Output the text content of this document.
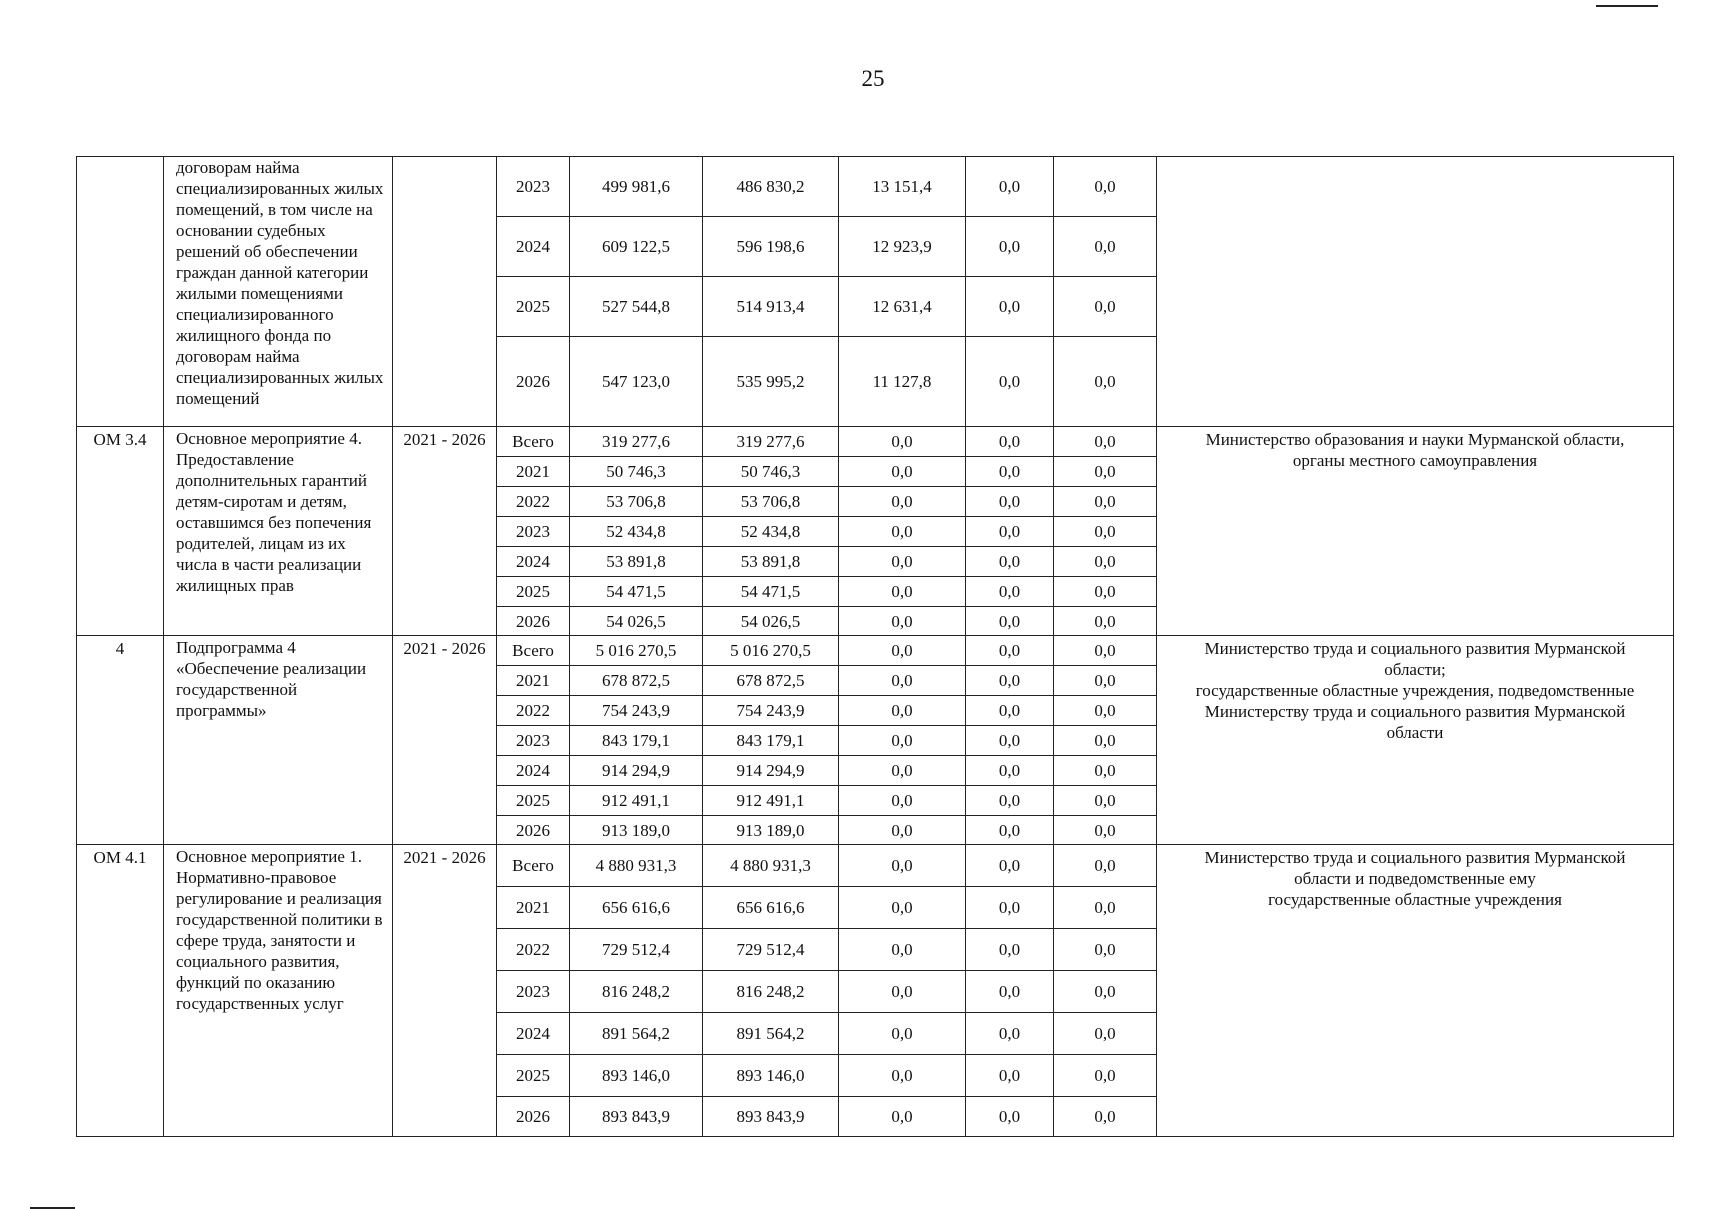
25
	договорам найма специализированных жилых помещений, в том числе на основании судебных решений об обеспечении граждан данной категории жилыми помещениями специализированного жилищного фонда по договорам найма специализированных жилых помещений		2023	499 981,6	486 830,2	13 151,4	0,0	0,0	
			2024	609 122,5	596 198,6	12 923,9	0,0	0,0	
			2025	527 544,8	514 913,4	12 631,4	0,0	0,0	
			2026	547 123,0	535 995,2	11 127,8	0,0	0,0	
ОМ 3.4	Основное мероприятие 4. Предоставление дополнительных гарантий детям-сиротам и детям, оставшимся без попечения родителей, лицам из их числа в части реализации жилищных прав	2021 - 2026	Всего	319 277,6	319 277,6	0,0	0,0	0,0	Министерство образования и науки Мурманской области,
органы местного самоуправления

			2021	50 746,3	50 746,3	0,0	0,0	0,0	
			2022	53 706,8	53 706,8	0,0	0,0	0,0	
			2023	52 434,8	52 434,8	0,0	0,0	0,0	
			2024	53 891,8	53 891,8	0,0	0,0	0,0	
			2025	54 471,5	54 471,5	0,0	0,0	0,0	
			2026	54 026,5	54 026,5	0,0	0,0	0,0	
4	Подпрограмма 4 «Обеспечение реализации государственной программы»	2021 - 2026	Всего	5 016 270,5	5 016 270,5	0,0	0,0	0,0	Министерство труда и социального развития Мурманской
области;
государственные областные учреждения, подведомственные
Министерству труда и социального развития Мурманской
области

			2021	678 872,5	678 872,5	0,0	0,0	0,0	
			2022	754 243,9	754 243,9	0,0	0,0	0,0	
			2023	843 179,1	843 179,1	0,0	0,0	0,0	
			2024	914 294,9	914 294,9	0,0	0,0	0,0	
			2025	912 491,1	912 491,1	0,0	0,0	0,0	
			2026	913 189,0	913 189,0	0,0	0,0	0,0	
ОМ 4.1	Основное мероприятие 1. Нормативно-правовое регулирование и реализация государственной политики в сфере труда, занятости и социального развития, функций по оказанию государственных услуг	2021 - 2026	Всего	4 880 931,3	4 880 931,3	0,0	0,0	0,0	Министерство труда и социального развития Мурманской
области и подведомственные ему
государственные областные учреждения

			2021	656 616,6	656 616,6	0,0	0,0	0,0	
			2022	729 512,4	729 512,4	0,0	0,0	0,0	
			2023	816 248,2	816 248,2	0,0	0,0	0,0	
			2024	891 564,2	891 564,2	0,0	0,0	0,0	
			2025	893 146,0	893 146,0	0,0	0,0	0,0	
			2026	893 843,9	893 843,9	0,0	0,0	0,0	
